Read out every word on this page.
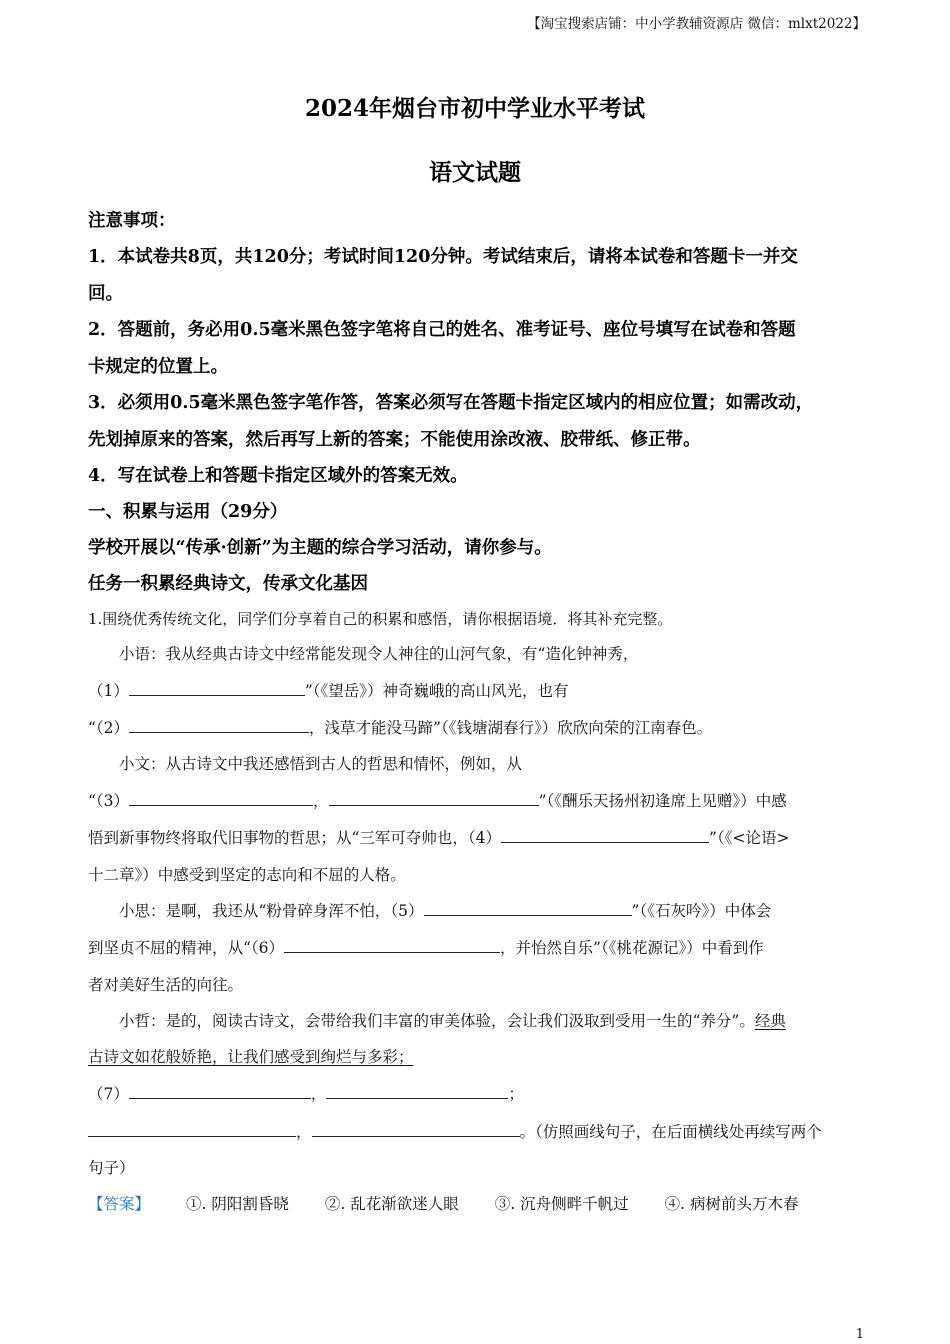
【淘宝搜索店铺：中小学教辅资源店 微信：mlxt2022】
2024年烟台市初中学业水平考试
语文试题
注意事项：
1．本试卷共8页，共120分；考试时间120分钟。考试结束后，请将本试卷和答题卡一并交
回。
2．答题前，务必用0.5毫米黑色签字笔将自己的姓名、准考证号、座位号填写在试卷和答题
卡规定的位置上。
3．必须用0.5毫米黑色签字笔作答，答案必须写在答题卡指定区域内的相应位置；如需改动，
先划掉原来的答案，然后再写上新的答案；不能使用涂改液、胶带纸、修正带。
4．写在试卷上和答题卡指定区域外的答案无效。
一、积累与运用（29分）
学校开展以“传承·创新”为主题的综合学习活动，请你参与。
任务一积累经典诗文，传承文化基因
1.围绕优秀传统文化，同学们分享着自己的积累和感悟，请你根据语境．将其补充完整。
小语：我从经典古诗文中经常能发现令人神往的山河气象，有“造化钟神秀，
（1）	”（《望岳》）神奇巍峨的高山风光，也有
“（2）	，浅草才能没马蹄”（《钱塘湖春行》）欣欣向荣的江南春色。
小文：从古诗文中我还感悟到古人的哲思和情怀，例如，从
“（3）	，	”（《酬乐天扬州初逢席上见赠》）中感
悟到新事物终将取代旧事物的哲思；从“三军可夺帅也，（4）	”（《<论语>
十二章》）中感受到坚定的志向和不屈的人格。
小思：是啊，我还从“粉骨碎身浑不怕，（5）	”（《石灰吟》）中体会
到坚贞不屈的精神，从“（6）	，并怡然自乐”（《桃花源记》）中看到作
者对美好生活的向往。
小哲：是的，阅读古诗文，会带给我们丰富的审美体验，会让我们汲取到受用一生的“养分”。经典
古诗文如花般娇艳，让我们感受到绚烂与多彩；
（7）	，	；
，	。（仿照画线句子，在后面横线处再续写两个
句子）
【答案】 ①. 阴阳割昏晓 ②. 乱花渐欲迷人眼 ③. 沉舟侧畔千帆过 ④. 病树前头万木春
1
